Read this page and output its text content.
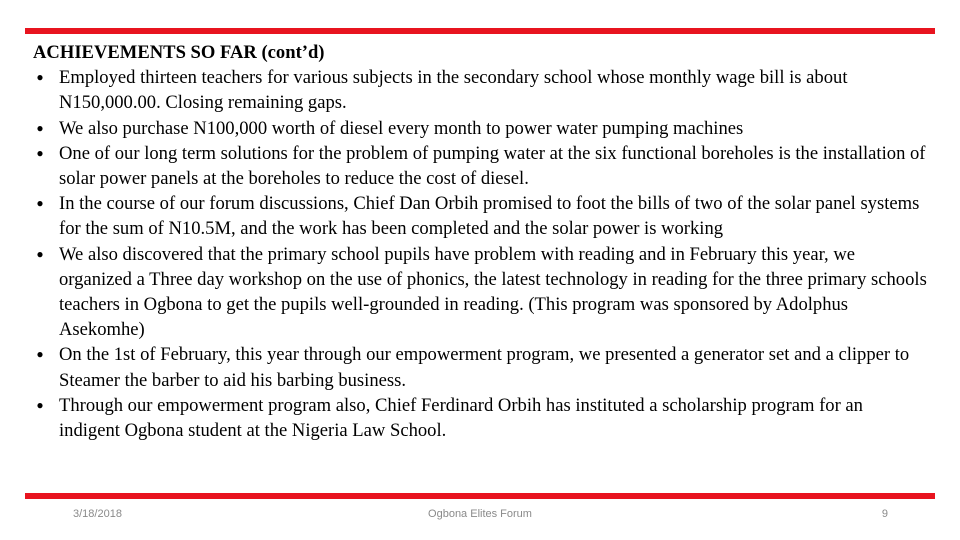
ACHIEVEMENTS SO FAR (cont’d)

● Employed thirteen teachers for various subjects in the secondary school whose monthly wage bill is about N150,000.00. Closing remaining gaps.
● We also purchase N100,000 worth of diesel every month to power water pumping machines
● One of our long term solutions for the problem of pumping water at the six functional boreholes is the installation of solar power panels at the boreholes to reduce the cost of diesel.
● In the course of our forum discussions, Chief Dan Orbih promised to foot the bills of two of the solar panel systems for the sum of N10.5M, and the work has been completed and the solar power is working
● We also discovered that the primary school pupils have problem with reading and in February this year, we organized a Three day workshop on the use of phonics, the latest technology in reading for the three primary schools teachers in Ogbona to get the pupils well-grounded in reading. (This program was sponsored by Adolphus Asekomhe)
● On the 1st of February, this year through our empowerment program, we presented a generator set and a clipper to Steamer the barber to aid his barbing business.
● Through our empowerment program also, Chief Ferdinard Orbih has instituted a scholarship program for an indigent Ogbona student at the Nigeria Law School.
3/18/2018	Ogbona Elites Forum	9
